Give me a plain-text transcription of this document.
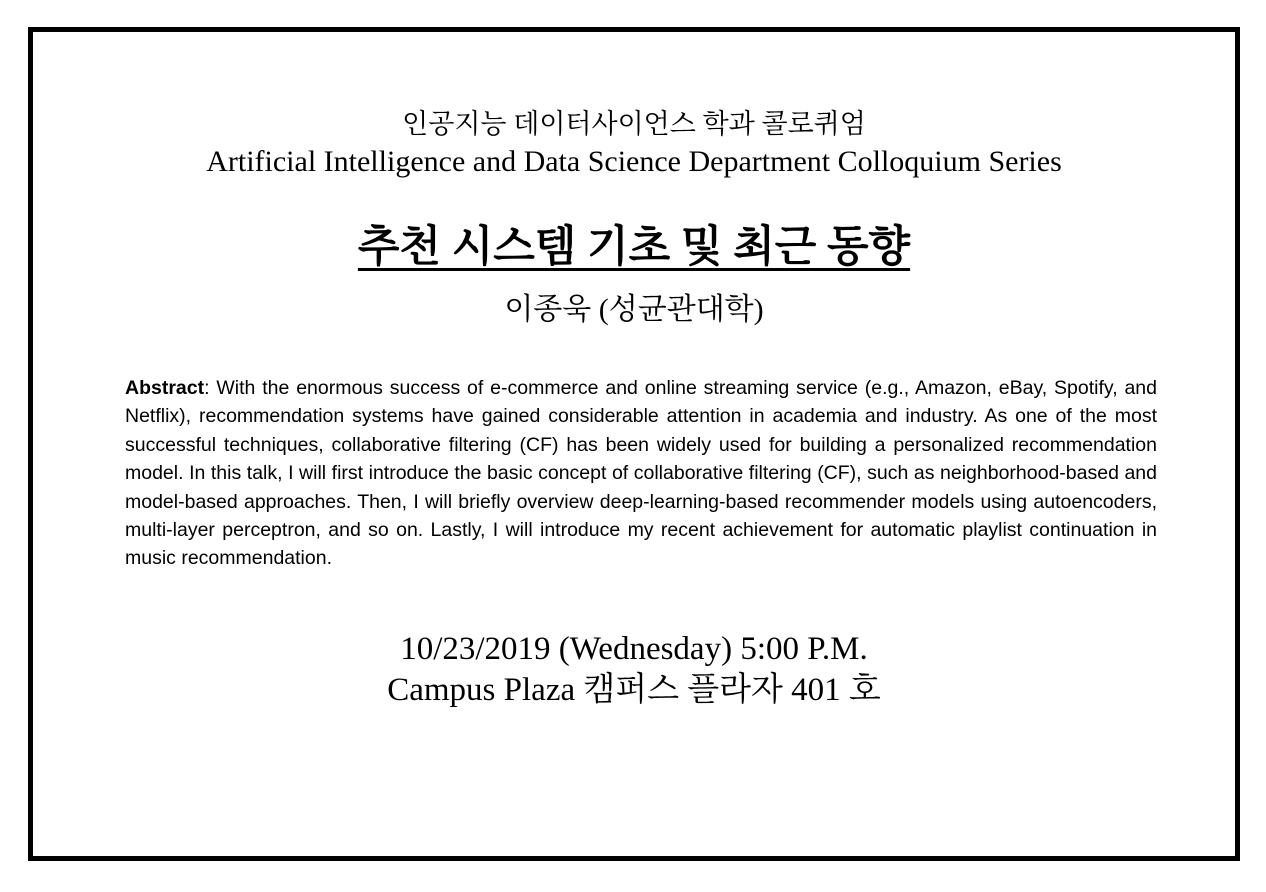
인공지능 데이터사이언스 학과 콜로퀴엄
Artificial Intelligence and Data Science Department Colloquium Series
추천 시스템 기초 및 최근 동향
이종욱 (성균관대학)

Abstract: With the enormous success of e-commerce and online streaming service (e.g., Amazon, eBay, Spotify, and Netflix), recommendation systems have gained considerable attention in academia and industry. As one of the most successful techniques, collaborative filtering (CF) has been widely used for building a personalized recommendation model. In this talk, I will first introduce the basic concept of collaborative filtering (CF), such as neighborhood-based and model-based approaches. Then, I will briefly overview deep-learning-based recommender models using autoencoders, multi-layer perceptron, and so on. Lastly, I will introduce my recent achievement for automatic playlist continuation in music recommendation.

10/23/2019 (Wednesday) 5:00 P.M.
Campus Plaza 캠퍼스 플라자 401 호
